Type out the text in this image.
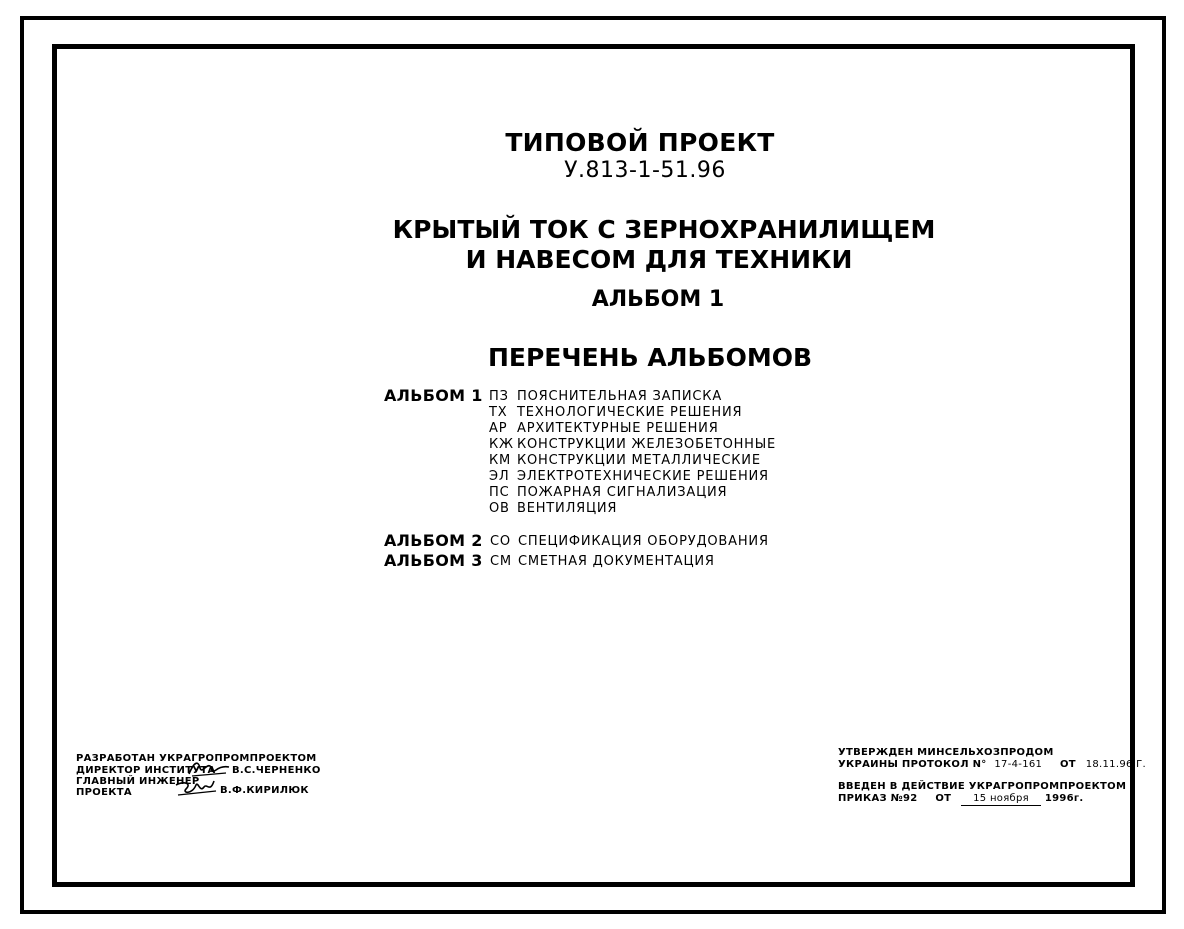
ТИПОВОЙ ПРОЕКТ
У.813-1-51.96
КРЫТЫЙ ТОК С ЗЕРНОХРАНИЛИЩЕМ
И НАВЕСОМ ДЛЯ ТЕХНИКИ
АЛЬБОМ 1
ПЕРЕЧЕНЬ АЛЬБОМОВ
АЛЬБОМ 1 ПЗ ПОЯСНИТЕЛЬНАЯ ЗАПИСКА
ТХ ТЕХНОЛОГИЧЕСКИЕ РЕШЕНИЯ
АР АРХИТЕКТУРНЫЕ РЕШЕНИЯ
КЖ КОНСТРУКЦИИ ЖЕЛЕЗОБЕТОННЫЕ
КМ КОНСТРУКЦИИ МЕТАЛЛИЧЕСКИЕ
ЭЛ ЭЛЕКТРОТЕХНИЧЕСКИЕ РЕШЕНИЯ
ПС ПОЖАРНАЯ СИГНАЛИЗАЦИЯ
ОВ ВЕНТИЛЯЦИЯ
АЛЬБОМ 2 СО СПЕЦИФИКАЦИЯ ОБОРУДОВАНИЯ
АЛЬБОМ 3 СМ СМЕТНАЯ ДОКУМЕНТАЦИЯ
РАЗРАБОТАН УКРАГРОПРОМПРОЕКТОМ
ДИРЕКТОР ИНСТИТУТА В.С.ЧЕРНЕНКО
ГЛАВНЫЙ ИНЖЕНЕР
ПРОЕКТА	В.Ф.КИРИЛЮК
УТВЕРЖДЕН МИНСЕЛЬХОЗПРОДОМ
УКРАИНЫ ПРОТОКОЛ N° 17-4-161 ОТ 18.11.96 Г.
ВВЕДЕН В ДЕЙСТВИЕ УКРАГРОПРОМПРОЕКТОМ
ПРИКАЗ №92 ОТ 15 ноября 1996г.
